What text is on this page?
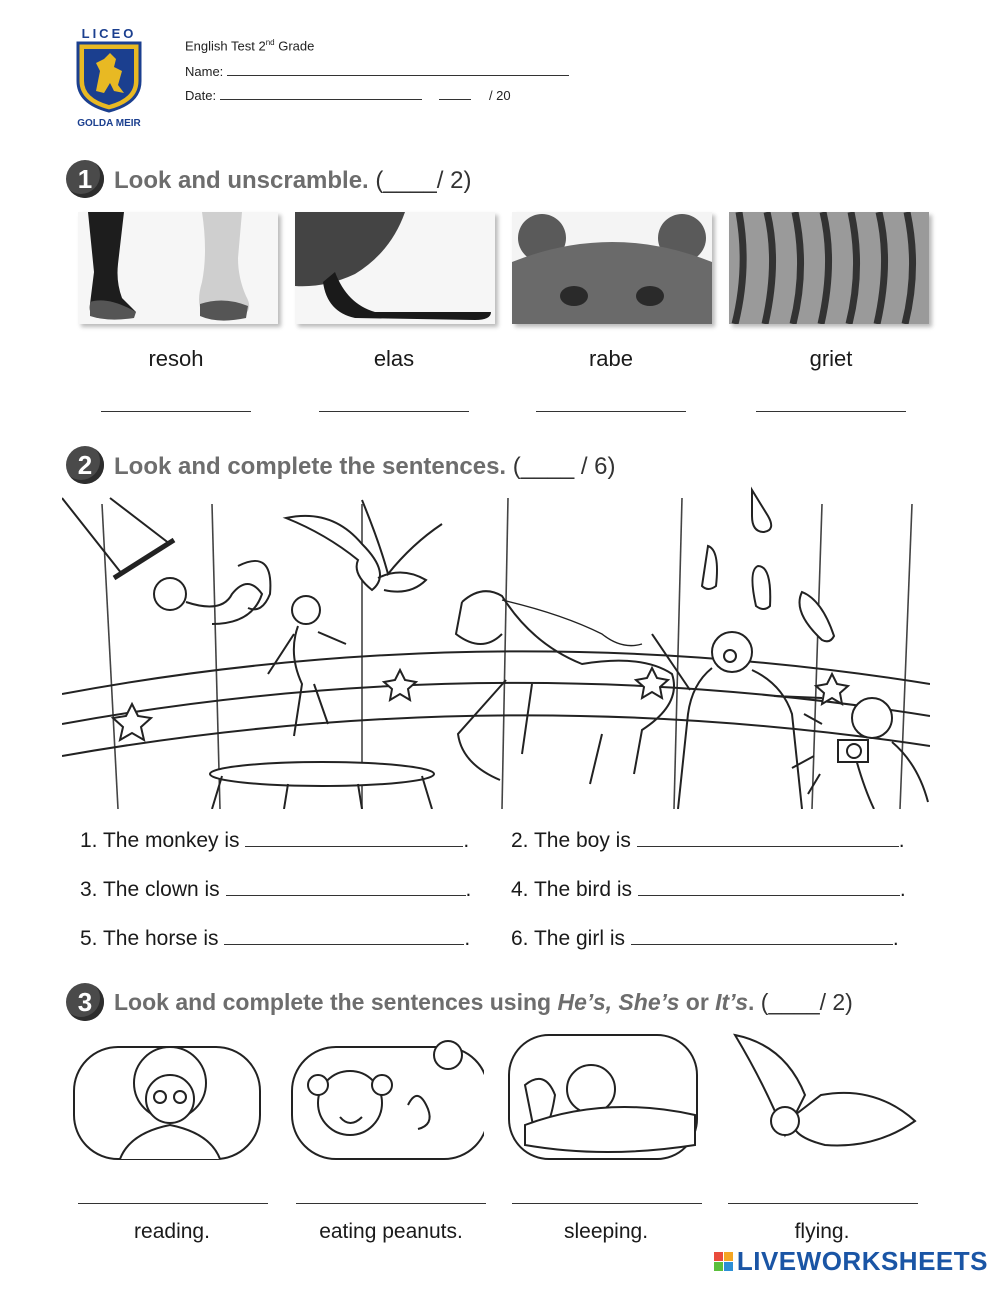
LICEO
GOLDA MEIR
English Test 2nd Grade
Name:
Date:	/ 20
1 Look and unscramble. (____/ 2)
resoh	elas	rabe	griet
2 Look and complete the sentences. (____ / 6)
1. The monkey is	. 2. The boy is	.
3. The clown is	. 4. The bird is	.
5. The horse is	. 6. The girl is	.
3 Look and complete the sentences using He’s, She’s or It’s. (____/ 2)
reading.	eating peanuts.	sleeping.	flying.
LIVEWORKSHEETS
